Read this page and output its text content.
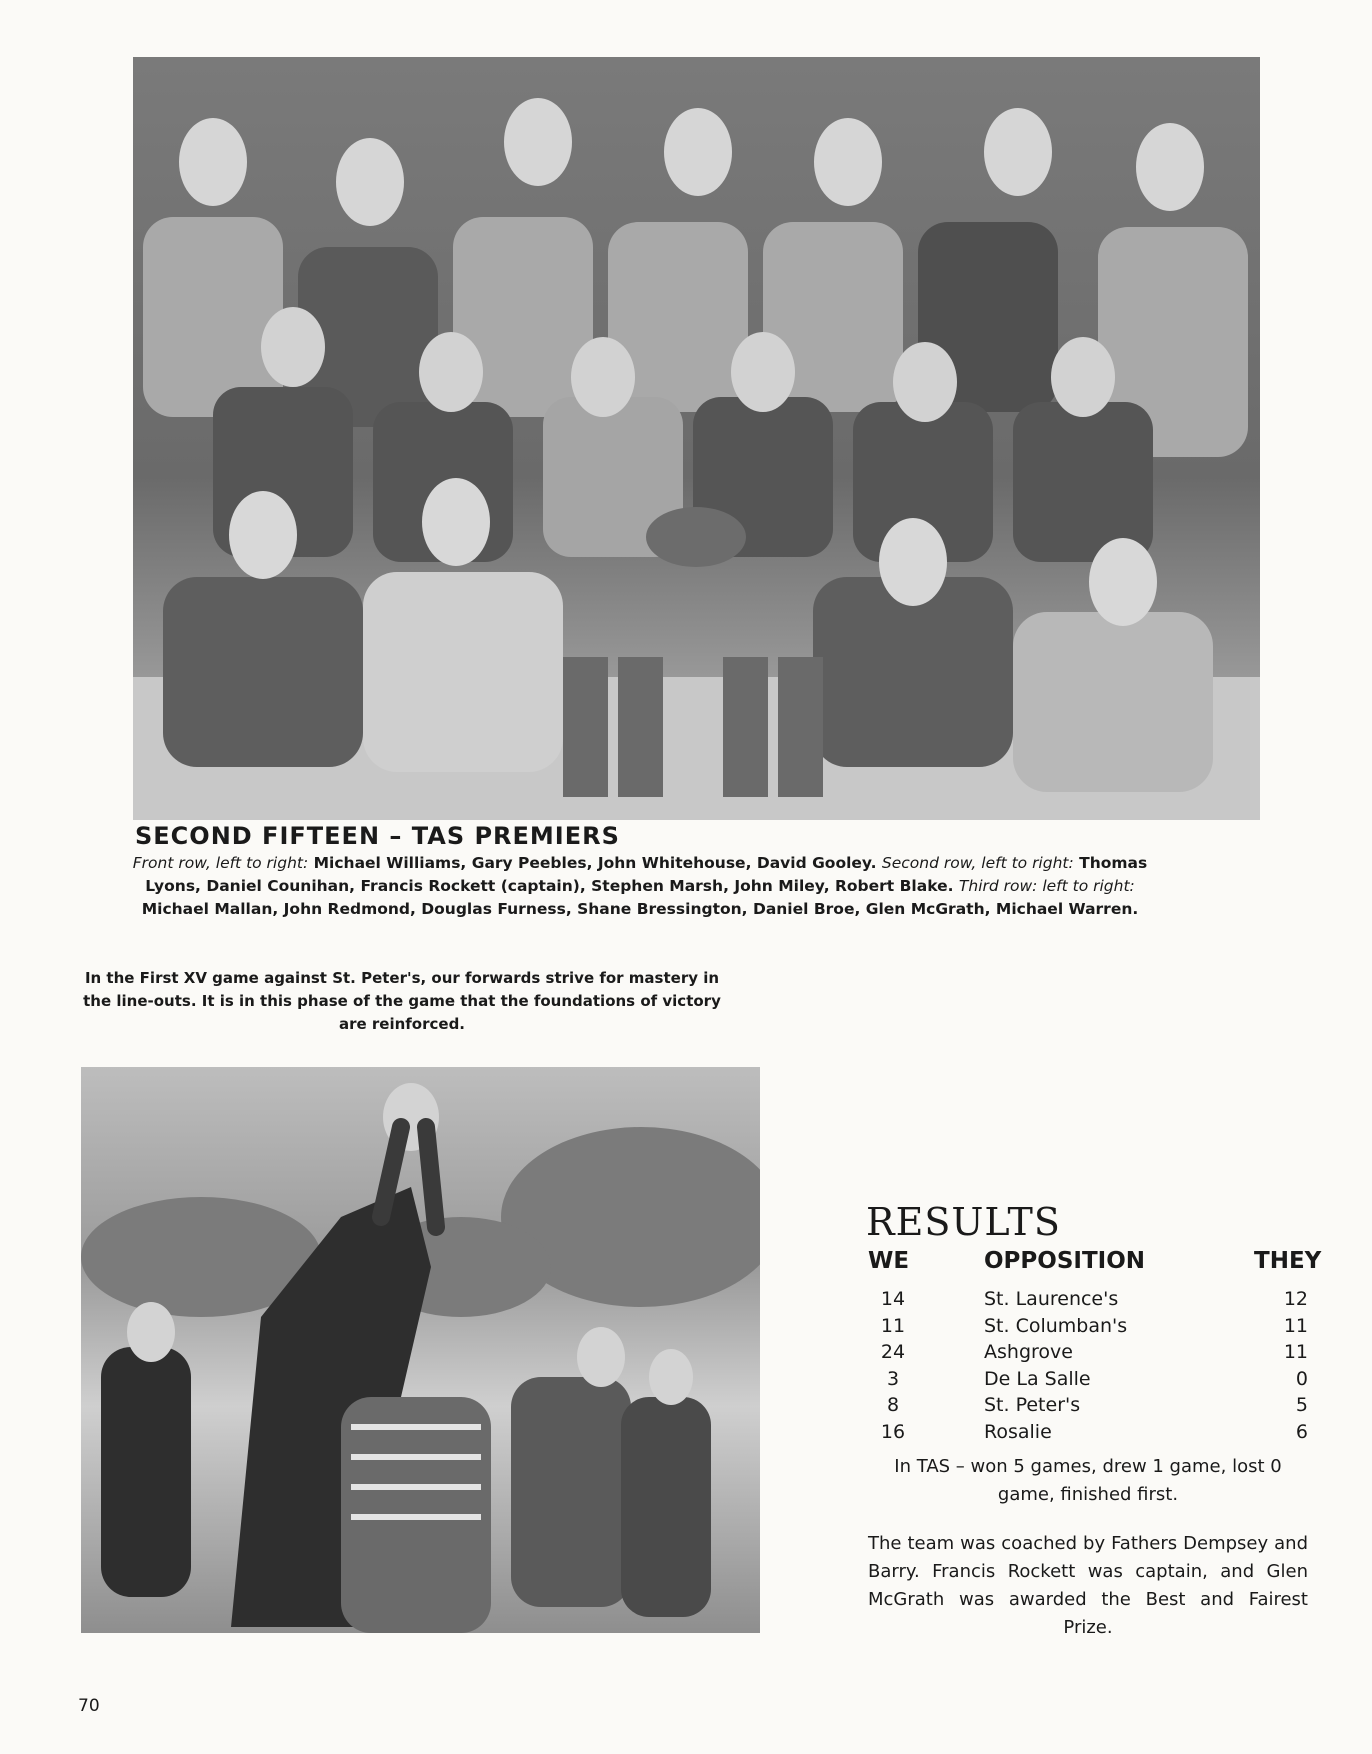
SECOND FIFTEEN – TAS PREMIERS
Front row, left to right: Michael Williams, Gary Peebles, John Whitehouse, David Gooley. Second row, left to right: Thomas Lyons, Daniel Counihan, Francis Rockett (captain), Stephen Marsh, John Miley, Robert Blake. Third row: left to right: Michael Mallan, John Redmond, Douglas Furness, Shane Bressington, Daniel Broe, Glen McGrath, Michael Warren.
In the First XV game against St. Peter's, our forwards strive for mastery in the line-outs. It is in this phase of the game that the foundations of victory are reinforced.
RESULTS
WE	OPPOSITION	THEY
14	St. Laurence's	12
11	St. Columban's	11
24	Ashgrove	11
3	De La Salle	0
8	St. Peter's	5
16	Rosalie	6
In TAS – won 5 games, drew 1 game, lost 0 game, finished first.
The team was coached by Fathers Dempsey and Barry. Francis Rockett was captain, and Glen McGrath was awarded the Best and Fairest Prize.
70
